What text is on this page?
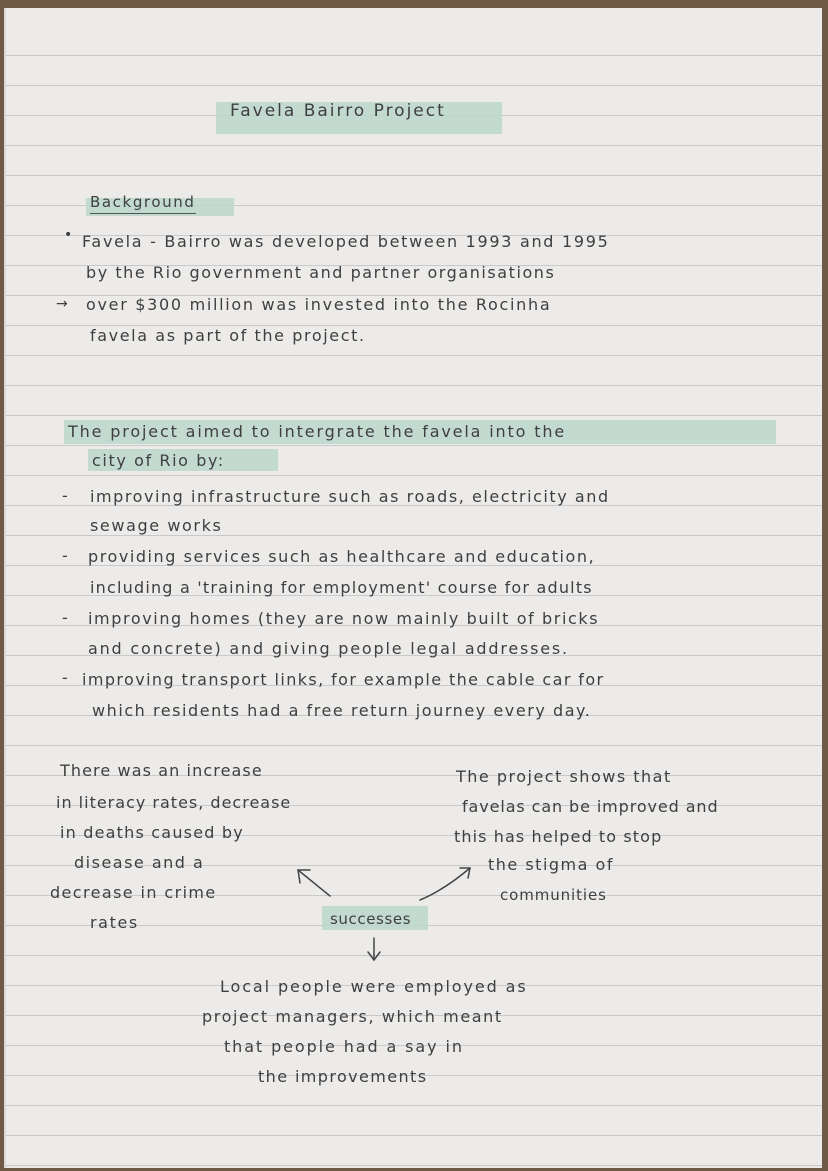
Favela Bairro Project
Background
• Favela - Bairro was developed between 1993 and 1995
by the Rio government and partner organisations
→ over $300 million was invested into the Rocinha
favela as part of the project.
The project aimed to intergrate the favela into the
city of Rio by:
- improving infrastructure such as roads, electricity and
sewage works
- providing services such as healthcare and education,
including a 'training for employment' course for adults
- improving homes (they are now mainly built of bricks
and concrete) and giving people legal addresses.
- improving transport links, for example the cable car for
which residents had a free return journey every day.
There was an increase
in literacy rates, decrease
in deaths caused by
disease and a
decrease in crime
rates
The project shows that
favelas can be improved and
this has helped to stop
the stigma of
communities
successes
Local people were employed as
project managers, which meant
that people had a say in
the improvements
